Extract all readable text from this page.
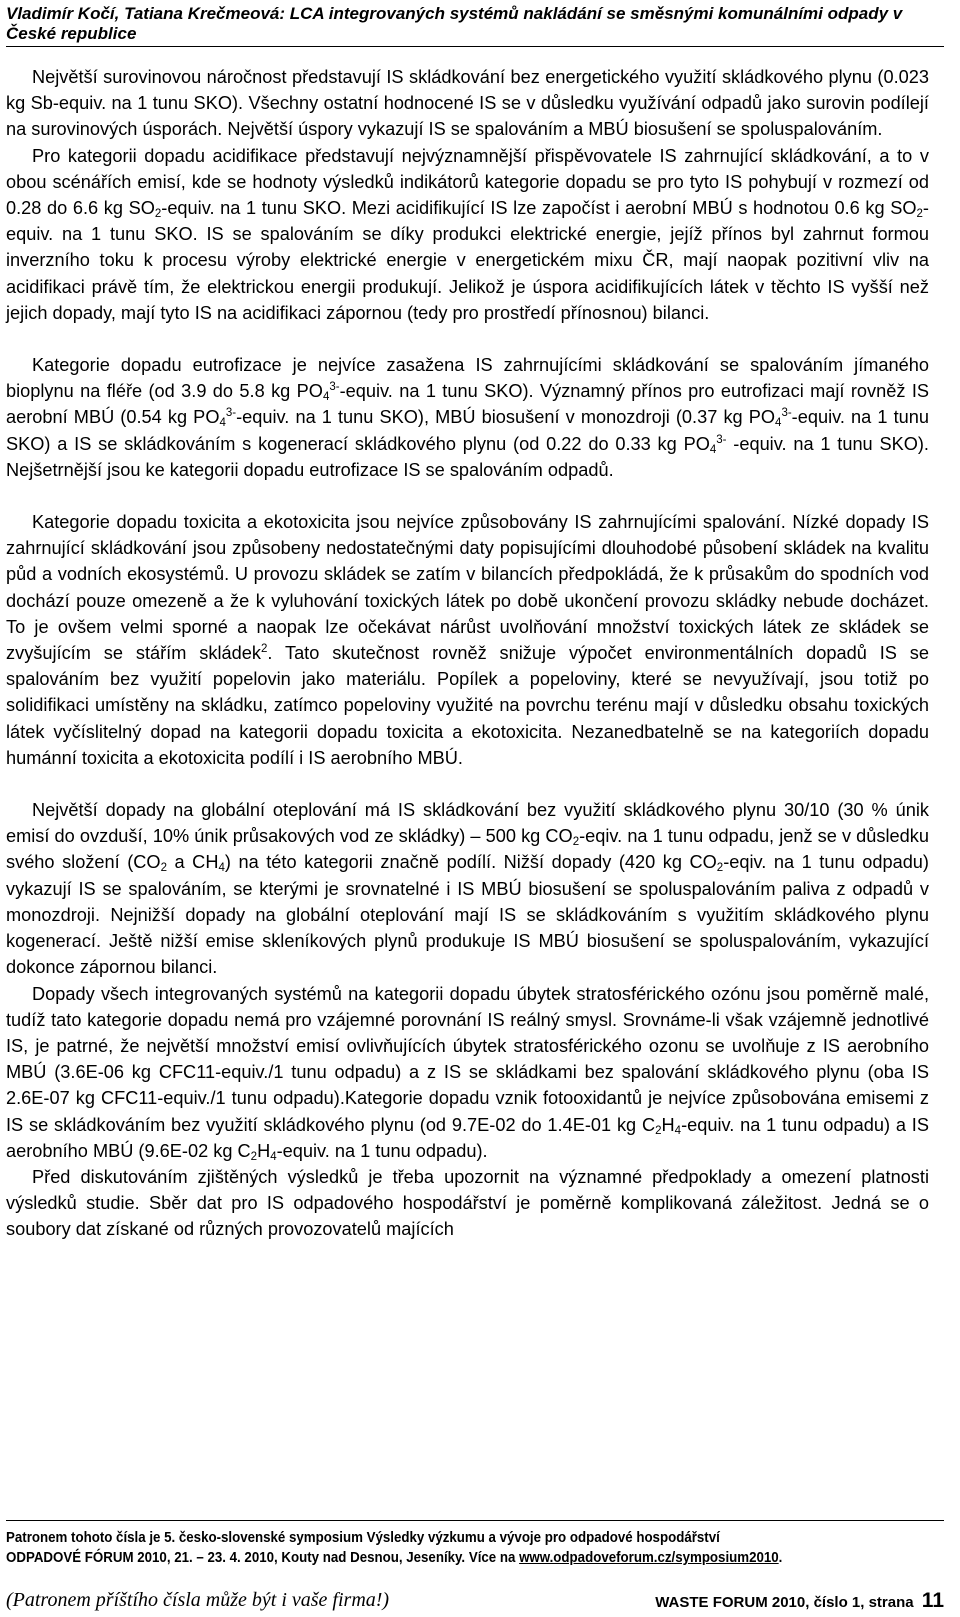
Vladimír Kočí, Tatiana Krečmeová: LCA integrovaných systémů nakládání se směsnými komunálními odpady v České republice

Největší surovinovou náročnost představují IS skládkování bez energetického využití skládkového plynu (0.023 kg Sb-equiv. na 1 tunu SKO). Všechny ostatní hodnocené IS se v důsledku využívání odpadů jako surovin podílejí na surovinových úsporách. Největší úspory vykazují IS se spalováním a MBÚ biosušení se spoluspalováním.

Pro kategorii dopadu acidifikace představují nejvýznamnější přispěvovatele IS zahrnující skládkování, a to v obou scénářích emisí, kde se hodnoty výsledků indikátorů kategorie dopadu se pro tyto IS pohybují v rozmezí od 0.28 do 6.6 kg $SO_2$-equiv. na 1 tunu SKO. Mezi acidifikující IS lze započíst i aerobní MBÚ s hodnotou 0.6 kg $SO_2$-equiv. na 1 tunu SKO. IS se spalováním se díky produkci elektrické energie, jejíž přínos byl zahrnut formou inverzního toku k procesu výroby elektrické energie v energetickém mixu ČR, mají naopak pozitivní vliv na acidifikaci právě tím, že elektrickou energii produkují. Jelikož je úspora acidifikujících látek v těchto IS vyšší než jejich dopady, mají tyto IS na acidifikaci zápornou (tedy pro prostředí přínosnou) bilanci.

Kategorie dopadu eutrofizace je nejvíce zasažena IS zahrnujícími skládkování se spalováním jímaného bioplynu na fléře (od 3.9 do 5.8 kg $PO_4^{3-}$-equiv. na 1 tunu SKO). Významný přínos pro eutrofizaci mají rovněž IS aerobní MBÚ (0.54 kg $PO_4^{3-}$-equiv. na 1 tunu SKO), MBÚ biosušení v monozdroji (0.37 kg $PO_4^{3-}$-equiv. na 1 tunu SKO) a IS se skládkováním s kogenerací skládkového plynu (od 0.22 do 0.33 kg $PO_4^{3-}$ -equiv. na 1 tunu SKO). Nejšetrnější jsou ke kategorii dopadu eutrofizace IS se spalováním odpadů.

Kategorie dopadu toxicita a ekotoxicita jsou nejvíce způsobovány IS zahrnujícími spalování. Nízké dopady IS zahrnující skládkování jsou způsobeny nedostatečnými daty popisujícími dlouhodobé působení skládek na kvalitu půd a vodních ekosystémů. U provozu skládek se zatím v bilancích předpokládá, že k průsakům do spodních vod dochází pouze omezeně a že k vyluhování toxických látek po době ukončení provozu skládky nebude docházet. To je ovšem velmi sporné a naopak lze očekávat nárůst uvolňování množství toxických látek ze skládek se zvyšujícím se stářím skládek$^2$. Tato skutečnost rovněž snižuje výpočet environmentálních dopadů IS se spalováním bez využití popelovin jako materiálu. Popílek a popeloviny, které se nevyužívají, jsou totiž po solidifikaci umístěny na skládku, zatímco popeloviny využité na povrchu terénu mají v důsledku obsahu toxických látek vyčíslitelný dopad na kategorii dopadu toxicita a ekotoxicita. Nezanedbatelně se na kategoriích dopadu humánní toxicita a ekotoxicita podílí i IS aerobního MBÚ.

Největší dopady na globální oteplování má IS skládkování bez využití skládkového plynu 30/10 (30 % únik emisí do ovzduší, 10% únik průsakových vod ze skládky) – 500 kg $CO_2$-eqiv. na 1 tunu odpadu, jenž se v důsledku svého složení ($CO_2$ a $CH_4$) na této kategorii značně podílí. Nižší dopady (420 kg $CO_2$-eqiv. na 1 tunu odpadu) vykazují IS se spalováním, se kterými je srovnatelné i IS MBÚ biosušení se spoluspalováním paliva z odpadů v monozdroji. Nejnižší dopady na globální oteplování mají IS se skládkováním s využitím skládkového plynu kogenerací. Ještě nižší emise skleníkových plynů produkuje IS MBÚ biosušení se spoluspalováním, vykazující dokonce zápornou bilanci.

Dopady všech integrovaných systémů na kategorii dopadu úbytek stratosférického ozónu jsou poměrně malé, tudíž tato kategorie dopadu nemá pro vzájemné porovnání IS reálný smysl. Srovnáme-li však vzájemně jednotlivé IS, je patrné, že největší množství emisí ovlivňujících úbytek stratosférického ozonu se uvolňuje z IS aerobního MBÚ (3.6E-06 kg CFC11-equiv./1 tunu odpadu) a z IS se skládkami bez spalování skládkového plynu (oba IS 2.6E-07 kg CFC11-equiv./1 tunu odpadu).Kategorie dopadu vznik fotooxidantů je nejvíce způsobována emisemi z IS se skládkováním bez využití skládkového plynu (od 9.7E-02 do 1.4E-01 kg $C_2H_4$-equiv. na 1 tunu odpadu) a IS aerobního MBÚ (9.6E-02 kg $C_2H_4$-equiv. na 1 tunu odpadu).

Před diskutováním zjištěných výsledků je třeba upozornit na významné předpoklady a omezení platnosti výsledků studie. Sběr dat pro IS odpadového hospodářství je poměrně komplikovaná záležitost. Jedná se o soubory dat získané od různých provozovatelů majících

Patronem tohoto čísla je 5. česko-slovenské symposium Výsledky výzkumu a vývoje pro odpadové hospodářství
ODPADOVÉ FÓRUM 2010, 21. – 23. 4. 2010, Kouty nad Desnou, Jeseníky. Více na www.odpadoveforum.cz/symposium2010.
(Patronem příštího čísla může být i vaše firma!)	WASTE FORUM 2010, číslo 1, strana 11
